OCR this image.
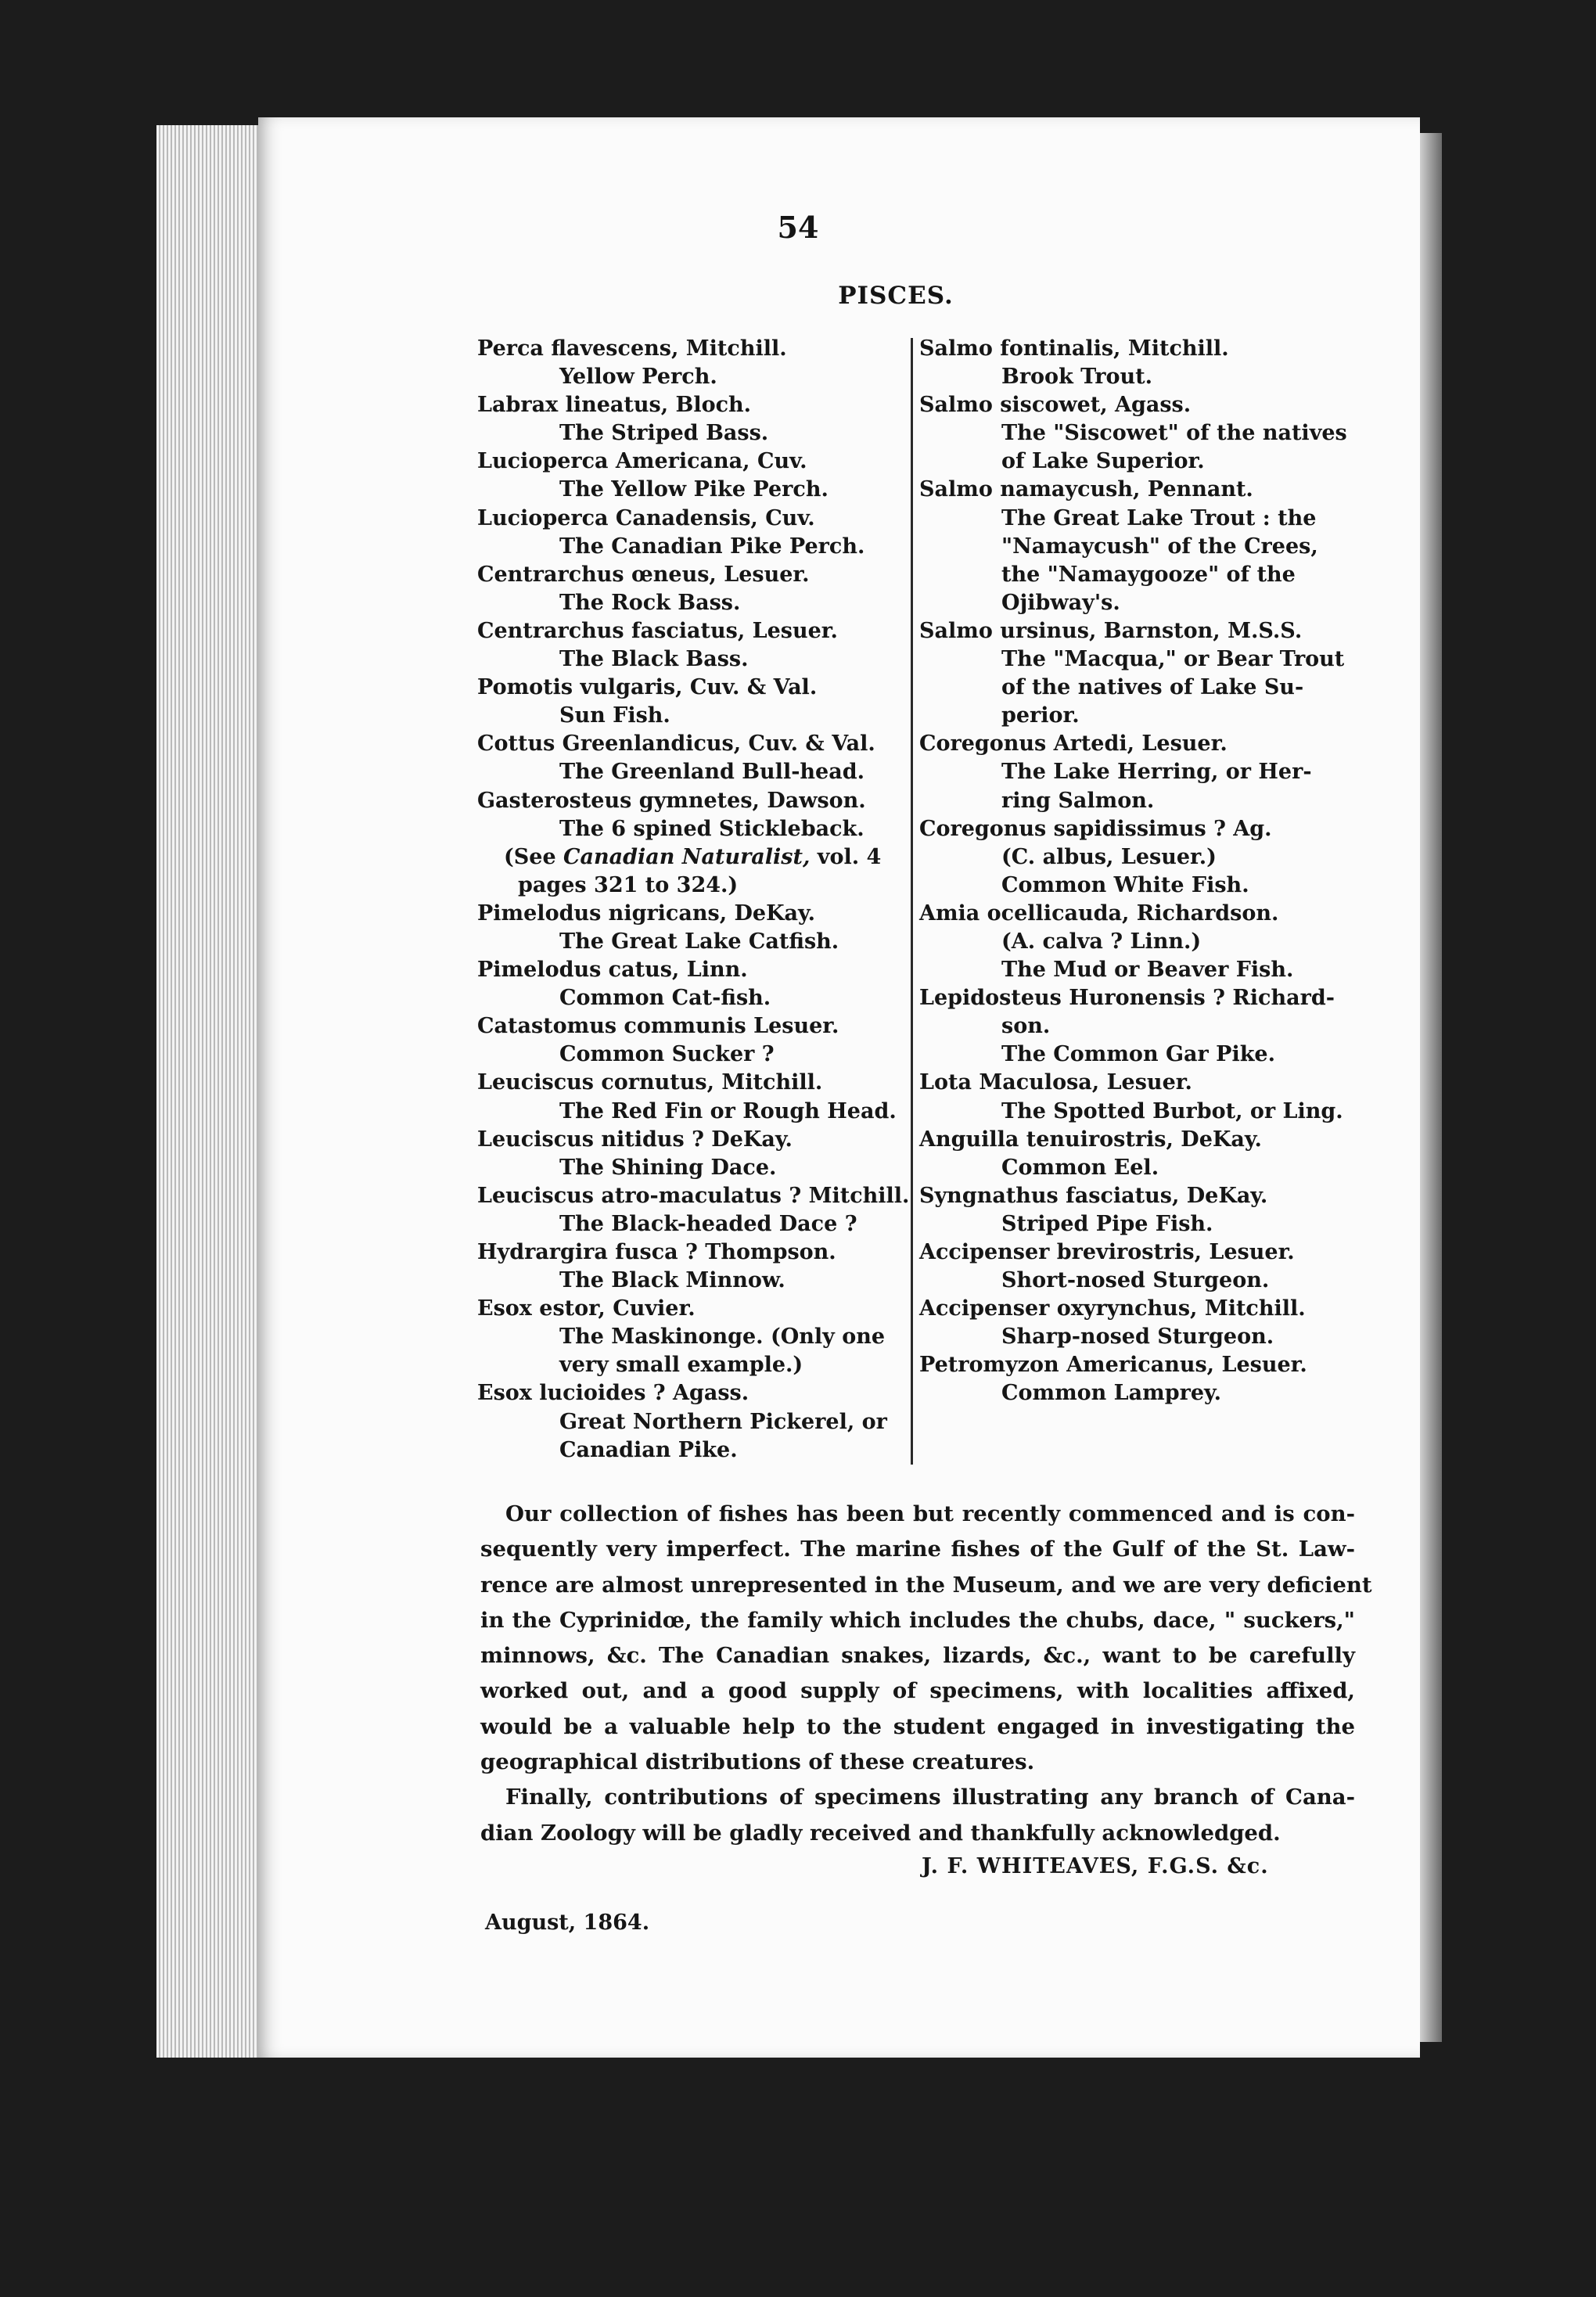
54
PISCES.
Perca flavescens, Mitchill.
Yellow Perch.
Labrax lineatus, Bloch.
The Striped Bass.
Lucioperca Americana, Cuv.
The Yellow Pike Perch.
Lucioperca Canadensis, Cuv.
The Canadian Pike Perch.
Centrarchus œneus, Lesuer.
The Rock Bass.
Centrarchus fasciatus, Lesuer.
The Black Bass.
Pomotis vulgaris, Cuv. & Val.
Sun Fish.
Cottus Greenlandicus, Cuv. & Val.
The Greenland Bull-head.
Gasterosteus gymnetes, Dawson.
The 6 spined Stickleback.
(See Canadian Naturalist, vol. 4
pages 321 to 324.)
Pimelodus nigricans, DeKay.
The Great Lake Catfish.
Pimelodus catus, Linn.
Common Cat-fish.
Catastomus communis Lesuer.
Common Sucker ?
Leuciscus cornutus, Mitchill.
The Red Fin or Rough Head.
Leuciscus nitidus ? DeKay.
The Shining Dace.
Leuciscus atro-maculatus ? Mitchill.
The Black-headed Dace ?
Hydrargira fusca ? Thompson.
The Black Minnow.
Esox estor, Cuvier.
The Maskinonge. (Only one
very small example.)
Esox lucioides ? Agass.
Great Northern Pickerel, or
Canadian Pike.
Salmo fontinalis, Mitchill.
Brook Trout.
Salmo siscowet, Agass.
The "Siscowet" of the natives
of Lake Superior.
Salmo namaycush, Pennant.
The Great Lake Trout : the
"Namaycush" of the Crees,
the "Namaygooze" of the
Ojibway's.
Salmo ursinus, Barnston, M.S.S.
The "Macqua," or Bear Trout
of the natives of Lake Su-
perior.
Coregonus Artedi, Lesuer.
The Lake Herring, or Her-
ring Salmon.
Coregonus sapidissimus ? Ag.
(C. albus, Lesuer.)
Common White Fish.
Amia ocellicauda, Richardson.
(A. calva ? Linn.)
The Mud or Beaver Fish.
Lepidosteus Huronensis ? Richard-
son.
The Common Gar Pike.
Lota Maculosa, Lesuer.
The Spotted Burbot, or Ling.
Anguilla tenuirostris, DeKay.
Common Eel.
Syngnathus fasciatus, DeKay.
Striped Pipe Fish.
Accipenser brevirostris, Lesuer.
Short-nosed Sturgeon.
Accipenser oxyrynchus, Mitchill.
Sharp-nosed Sturgeon.
Petromyzon Americanus, Lesuer.
Common Lamprey.
Our collection of fishes has been but recently commenced and is con-
sequently very imperfect. The marine fishes of the Gulf of the St. Law-
rence are almost unrepresented in the Museum, and we are very deficient
in the Cyprinidœ, the family which includes the chubs, dace, " suckers,"
minnows, &c. The Canadian snakes, lizards, &c., want to be carefully
worked out, and a good supply of specimens, with localities affixed,
would be a valuable help to the student engaged in investigating the
geographical distributions of these creatures.
Finally, contributions of specimens illustrating any branch of Cana-
dian Zoology will be gladly received and thankfully acknowledged.
J. F. WHITEAVES, F.G.S. &c.
August, 1864.
